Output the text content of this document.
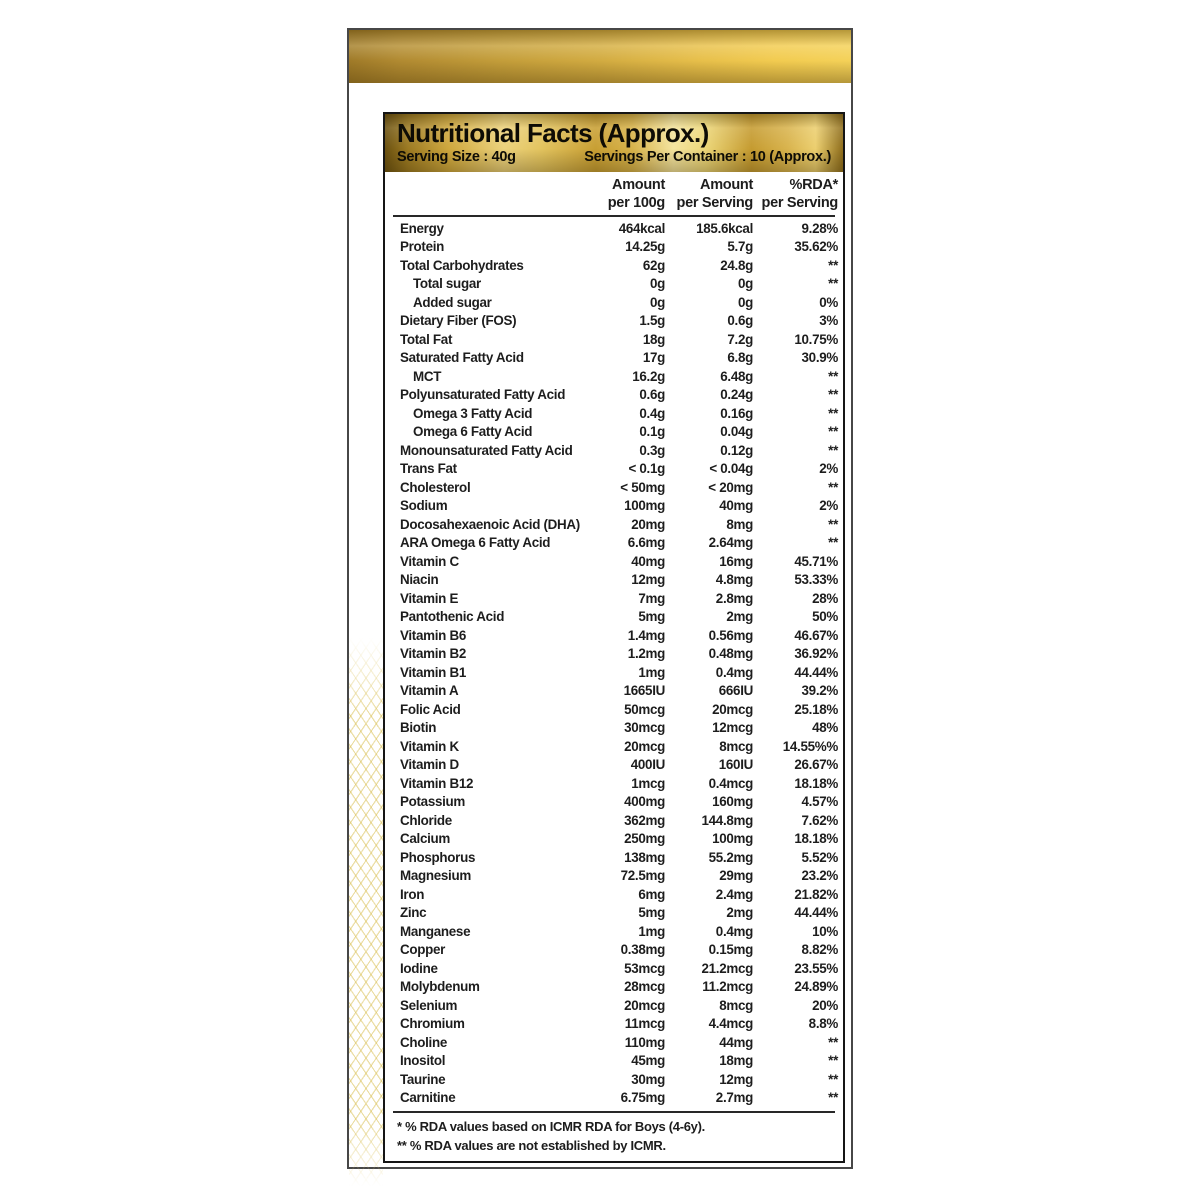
Nutritional Facts (Approx.)
Serving Size : 40g	Servings Per Container : 10 (Approx.)
Amount
per 100g
Amount
per Serving
%RDA*
per Serving
Energy	464kcal	185.6kcal	9.28%
Protein	14.25g	5.7g	35.62%
Total Carbohydrates	62g	24.8g	**
Total sugar	0g	0g	**
Added sugar	0g	0g	0%
Dietary Fiber (FOS)	1.5g	0.6g	3%
Total Fat	18g	7.2g	10.75%
Saturated Fatty Acid	17g	6.8g	30.9%
MCT	16.2g	6.48g	**
Polyunsaturated Fatty Acid	0.6g	0.24g	**
Omega 3 Fatty Acid	0.4g	0.16g	**
Omega 6 Fatty Acid	0.1g	0.04g	**
Monounsaturated Fatty Acid	0.3g	0.12g	**
Trans Fat	< 0.1g	< 0.04g	2%
Cholesterol	< 50mg	< 20mg	**
Sodium	100mg	40mg	2%
Docosahexaenoic Acid (DHA)	20mg	8mg	**
ARA Omega 6 Fatty Acid	6.6mg	2.64mg	**
Vitamin C	40mg	16mg	45.71%
Niacin	12mg	4.8mg	53.33%
Vitamin E	7mg	2.8mg	28%
Pantothenic Acid	5mg	2mg	50%
Vitamin B6	1.4mg	0.56mg	46.67%
Vitamin B2	1.2mg	0.48mg	36.92%
Vitamin B1	1mg	0.4mg	44.44%
Vitamin A	1665IU	666IU	39.2%
Folic Acid	50mcg	20mcg	25.18%
Biotin	30mcg	12mcg	48%
Vitamin K	20mcg	8mcg	14.55%%
Vitamin D	400IU	160IU	26.67%
Vitamin B12	1mcg	0.4mcg	18.18%
Potassium	400mg	160mg	4.57%
Chloride	362mg	144.8mg	7.62%
Calcium	250mg	100mg	18.18%
Phosphorus	138mg	55.2mg	5.52%
Magnesium	72.5mg	29mg	23.2%
Iron	6mg	2.4mg	21.82%
Zinc	5mg	2mg	44.44%
Manganese	1mg	0.4mg	10%
Copper	0.38mg	0.15mg	8.82%
Iodine	53mcg	21.2mcg	23.55%
Molybdenum	28mcg	11.2mcg	24.89%
Selenium	20mcg	8mcg	20%
Chromium	11mcg	4.4mcg	8.8%
Choline	110mg	44mg	**
Inositol	45mg	18mg	**
Taurine	30mg	12mg	**
Carnitine	6.75mg	2.7mg	**
* % RDA values based on ICMR RDA for Boys (4-6y).
** % RDA values are not established by ICMR.
